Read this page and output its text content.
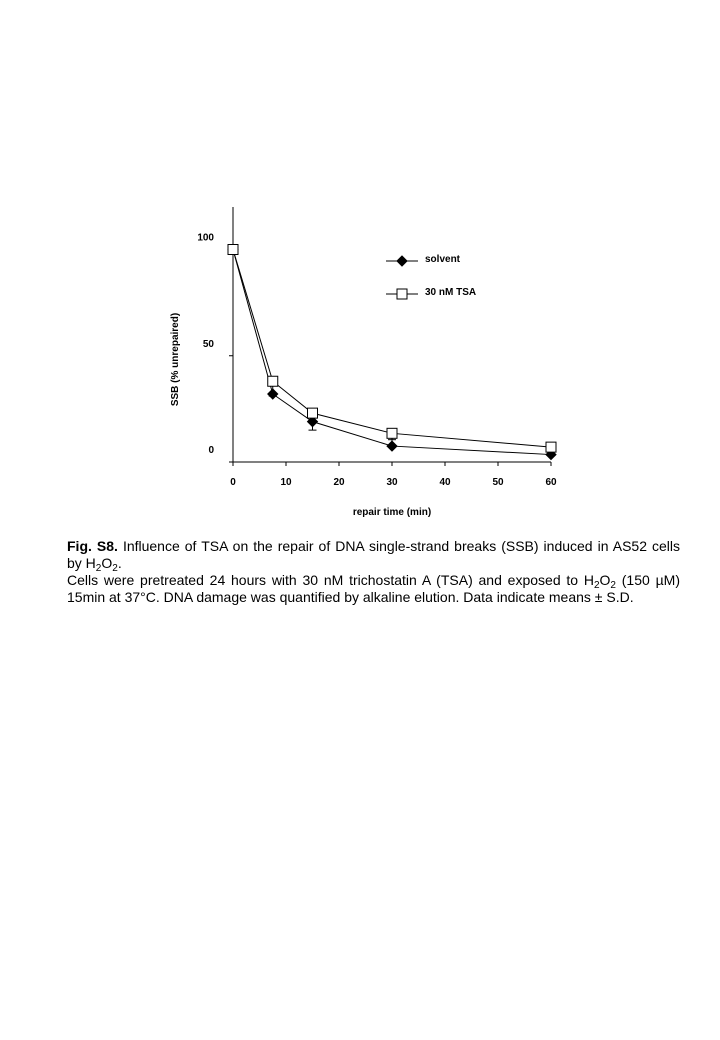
0	10	20	30	40	50	60
0
50
100
solvent
30 nM TSA
repair time (min)
SSB (% unrepaired)

Fig. S8. Influence of TSA on the repair of DNA single-strand breaks (SSB) induced in AS52 cells by $H_2O_2$.

Cells were pretreated 24 hours with 30 nM trichostatin A (TSA) and exposed to $H_2O_2$ (150 µM) 15min at 37°C. DNA damage was quantified by alkaline elution. Data indicate means ± S.D.
